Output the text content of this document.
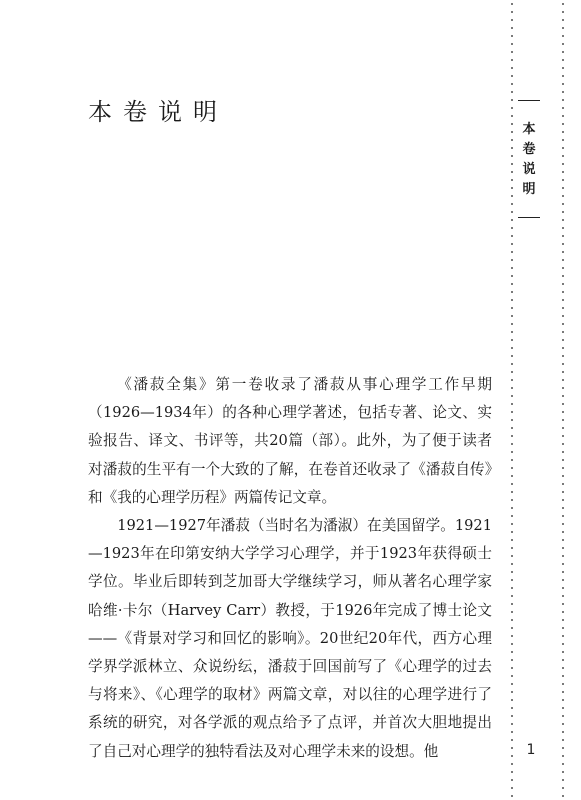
本卷说明

《潘菽全集》第一卷收录了潘菽从事心理学工作早期（1926—1934年）的各种心理学著述，包括专著、论文、实验报告、译文、书评等，共20篇（部）。此外，为了便于读者对潘菽的生平有一个大致的了解，在卷首还收录了《潘菽自传》和《我的心理学历程》两篇传记文章。

1921—1927年潘菽（当时名为潘淑）在美国留学。1921—1923年在印第安纳大学学习心理学，并于1923年获得硕士学位。毕业后即转到芝加哥大学继续学习，师从著名心理学家哈维·卡尔（Harvey Carr）教授，于1926年完成了博士论文——《背景对学习和回忆的影响》。20世纪20年代，西方心理学界学派林立、众说纷纭，潘菽于回国前写了《心理学的过去与将来》、《心理学的取材》两篇文章，对以往的心理学进行了系统的研究，对各学派的观点给予了点评，并首次大胆地提出了自己对心理学的独特看法及对心理学未来的设想。他

本
卷
说
明
1
